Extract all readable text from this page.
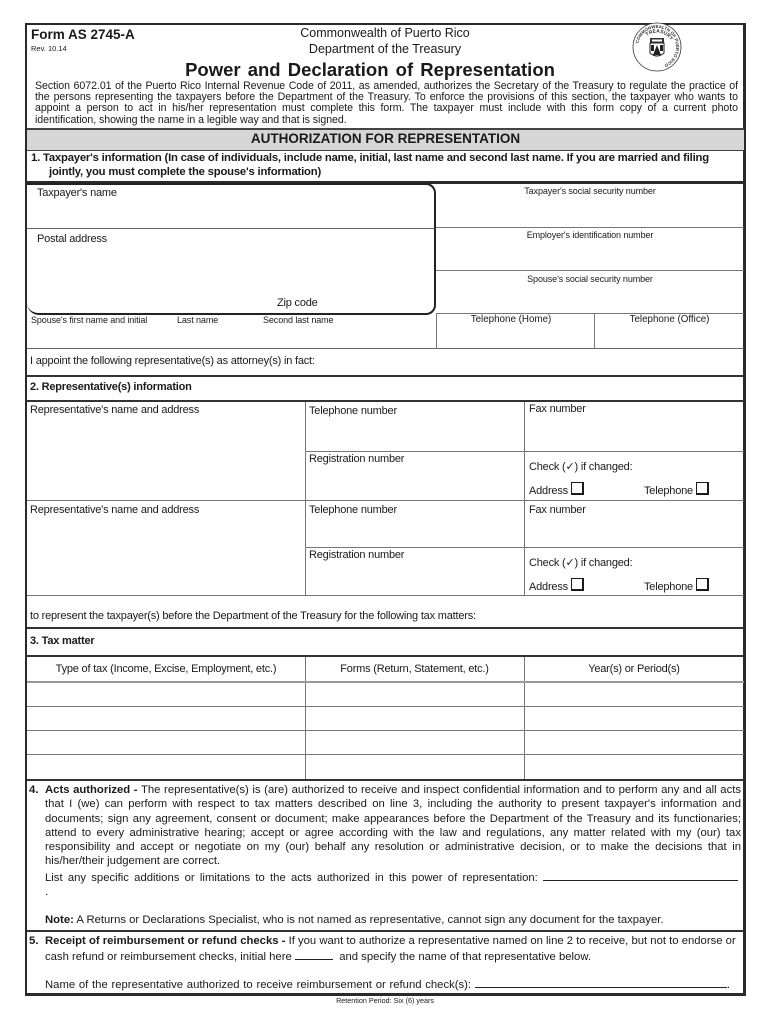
Form AS 2745-A
Rev. 10.14
Commonwealth of Puerto Rico
Department of the Treasury
Power and Declaration of Representation
TREASURY
COMMONWEALTH OF PUERTO RICO
Section 6072.01 of the Puerto Rico Internal Revenue Code of 2011, as amended, authorizes the Secretary of the Treasury to regulate the practice of the persons representing the taxpayers before the Department of the Treasury. To enforce the provisions of this section, the taxpayer who wants to appoint a person to act in his/her representation must complete this form. The taxpayer must include with this form copy of a current photo identification, showing the name in a legible way and that is signed.
AUTHORIZATION FOR REPRESENTATION
1. Taxpayer's information (In case of individuals, include name, initial, last name and second last name. If you are married and filing
jointly, you must complete the spouse's information)
Taxpayer's name
Postal address
Zip code
Taxpayer's social security number
Employer's identification number
Spouse's social security number
Spouse's first name and initial	Last name	Second last name	Telephone (Home)	Telephone (Office)
I appoint the following representative(s) as attorney(s) in fact:
2. Representative(s) information
Representative's name and address	Telephone number	Fax number
Registration number
Check (✓) if changed:
Address	Telephone
Representative's name and address	Telephone number	Fax number
Registration number
Check (✓) if changed:
Address	Telephone
to represent the taxpayer(s) before the Department of the Treasury for the following tax matters:
3. Tax matter
Type of tax (Income, Excise, Employment, etc.)	Forms (Return, Statement, etc.)	Year(s) or Period(s)
4. Acts authorized - The representative(s) is (are) authorized to receive and inspect confidential information and to perform any and all acts that I (we) can perform with respect to tax matters described on line 3, including the authority to present taxpayer's information and documents; sign any agreement, consent or document; make appearances before the Department of the Treasury and its functionaries; attend to every administrative hearing; accept or agree according with the law and regulations, any matter related with my (our) tax responsibility and accept or negotiate on my (our) behalf any resolution or administrative decision, or to make the decisions that in his/her/their judgement are correct.
List any specific additions or limitations to the acts authorized in this power of representation: .
Note: A Returns or Declarations Specialist, who is not named as representative, cannot sign any document for the taxpayer.
5. Receipt of reimbursement or refund checks - If you want to authorize a representative named on line 2 to receive, but not to endorse or
cash refund or reimbursement checks, initial here	and specify the name of that representative below.
Name of the representative authorized to receive reimbursement or refund check(s):	.
Retention Period: Six (6) years
